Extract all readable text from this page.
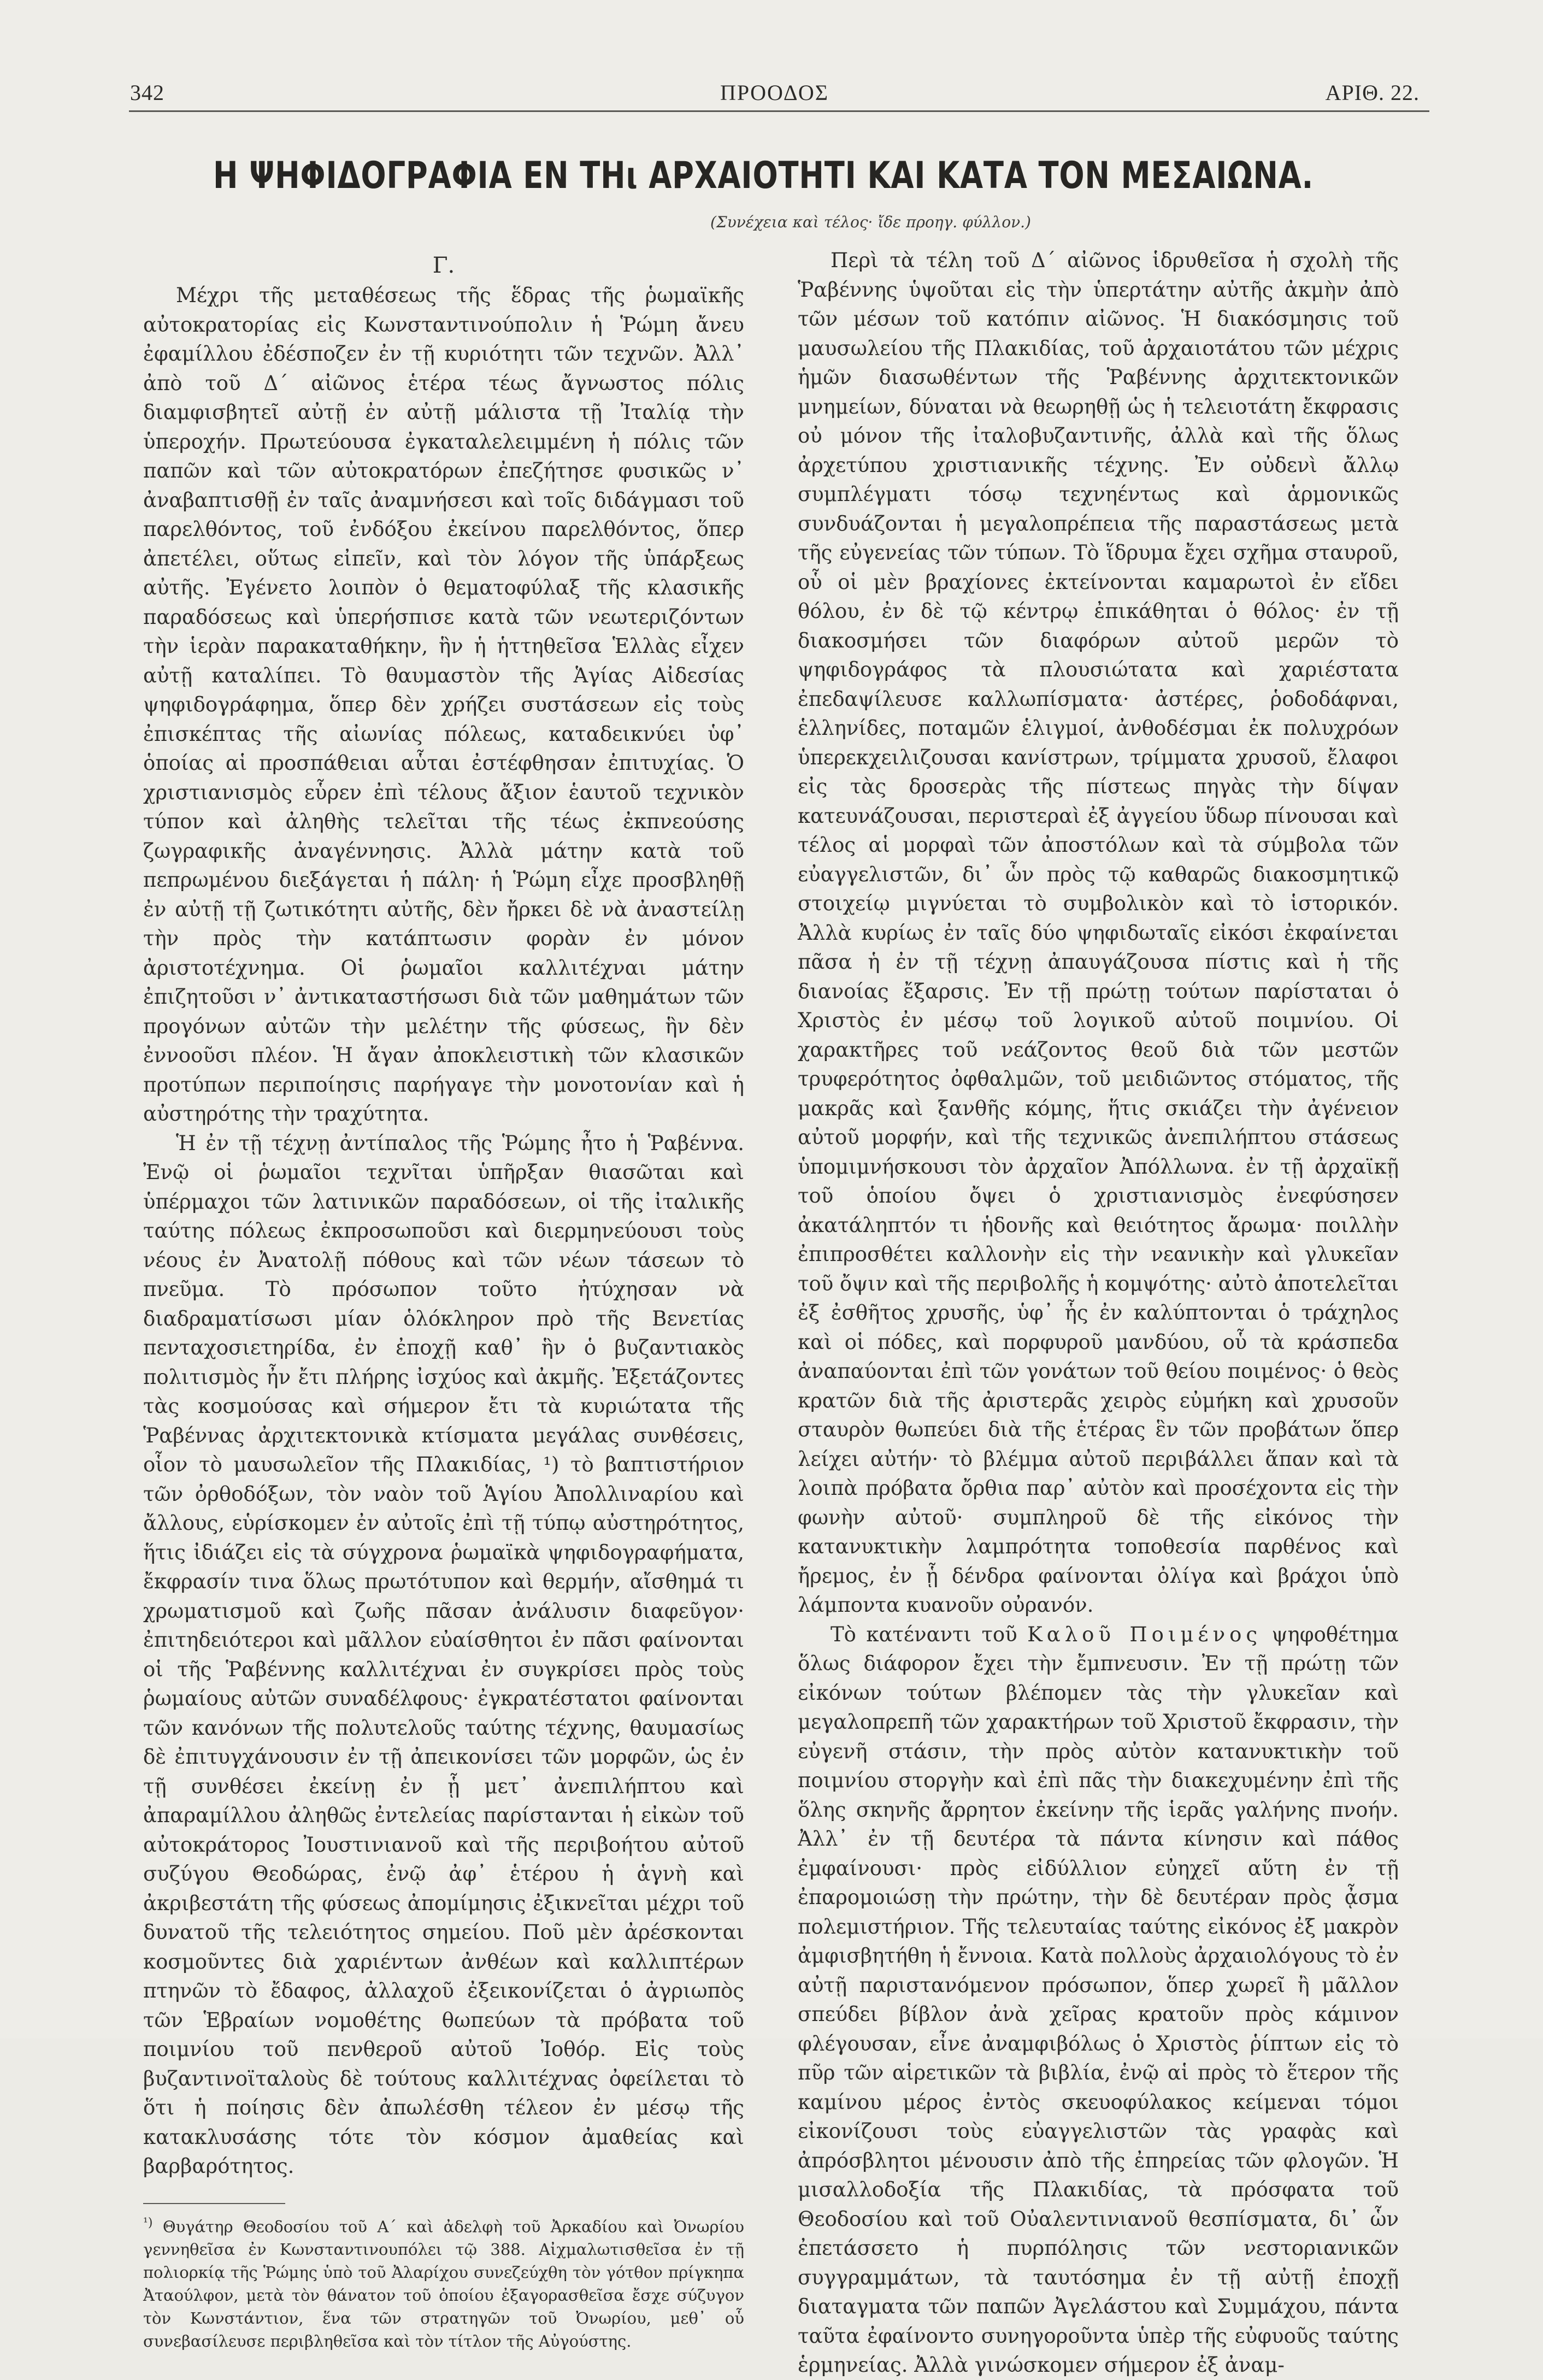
342	ΠΡΟΟΔΟΣ	ΑΡΙΘ. 22.
Η ΨΗΦΙΔΟΓΡΑΦΙΑ ΕΝ ΤΗι ΑΡΧΑΙΟΤΗΤΙ ΚΑΙ ΚΑΤΑ ΤΟΝ ΜΕΣΑΙΩΝΑ.
(Συνέχεια καὶ τέλος· ἴδε προηγ. φύλλον.)
Γ.

Μέχρι τῆς μεταθέσεως τῆς ἕδρας τῆς ῥωμαϊκῆς αὐτοκρατορίας εἰς Κωνσταντινούπολιν ἡ Ῥώμη ἄνευ ἐφαμίλλου ἐδέσποζεν ἐν τῇ κυριότητι τῶν τεχνῶν. Ἀλλ᾽ ἀπὸ τοῦ Δ΄ αἰῶνος ἑτέρα τέως ἄγνωστος πόλις διαμφισβητεῖ αὐτῇ ἐν αὐτῇ μάλιστα τῇ Ἰταλίᾳ τὴν ὑπεροχήν. Πρωτεύουσα ἐγκαταλελειμμένη ἡ πόλις τῶν παπῶν καὶ τῶν αὐτοκρατόρων ἐπεζήτησε φυσικῶς ν᾽ ἀναβαπτισθῇ ἐν ταῖς ἀναμνήσεσι καὶ τοῖς διδάγμασι τοῦ παρελθόντος, τοῦ ἐνδόξου ἐκείνου παρελθόντος, ὅπερ ἀπετέλει, οὕτως εἰπεῖν, καὶ τὸν λόγον τῆς ὑπάρξεως αὐτῆς. Ἐγένετο λοιπὸν ὁ θεματοφύλαξ τῆς κλασικῆς παραδόσεως καὶ ὑπερήσπισε κατὰ τῶν νεωτεριζόντων τὴν ἱερὰν παρακαταθήκην, ἣν ἡ ἡττηθεῖσα Ἑλλὰς εἶχεν αὐτῇ καταλίπει. Τὸ θαυμαστὸν τῆς Ἁγίας Αἰδεσίας ψηφιδογράφημα, ὅπερ δὲν χρήζει συστάσεων εἰς τοὺς ἐπισκέπτας τῆς αἰωνίας πόλεως, καταδεικνύει ὑφ᾽ ὁποίας αἱ προσπάθειαι αὗται ἐστέφθησαν ἐπιτυχίας. Ὁ χριστιανισμὸς εὗρεν ἐπὶ τέλους ἄξιον ἑαυτοῦ τεχνικὸν τύπον καὶ ἀληθὴς τελεῖται τῆς τέως ἐκπνεούσης ζωγραφικῆς ἀναγέννησις. Ἀλλὰ μάτην κατὰ τοῦ πεπρωμένου διεξάγεται ἡ πάλη· ἡ Ῥώμη εἶχε προσβληθῇ ἐν αὐτῇ τῇ ζωτικότητι αὐτῆς, δὲν ἤρκει δὲ νὰ ἀναστείλῃ τὴν πρὸς τὴν κατάπτωσιν φορὰν ἐν μόνον ἀριστοτέχνημα. Οἱ ῥωμαῖοι καλλιτέχναι μάτην ἐπιζητοῦσι ν᾽ ἀντικαταστήσωσι διὰ τῶν μαθημάτων τῶν προγόνων αὐτῶν τὴν μελέτην τῆς φύσεως, ἣν δὲν ἐννοοῦσι πλέον. Ἡ ἄγαν ἀποκλειστικὴ τῶν κλασικῶν προτύπων περιποίησις παρήγαγε τὴν μονοτονίαν καὶ ἡ αὐστηρότης τὴν τραχύτητα.

Ἡ ἐν τῇ τέχνῃ ἀντίπαλος τῆς Ῥώμης ἦτο ἡ Ῥαβέννα. Ἐνῷ οἱ ῥωμαῖοι τεχνῖται ὑπῆρξαν θιασῶται καὶ ὑπέρμαχοι τῶν λατινικῶν παραδόσεων, οἱ τῆς ἰταλικῆς ταύτης πόλεως ἐκπροσωποῦσι καὶ διερμηνεύουσι τοὺς νέους ἐν Ἀνατολῇ πόθους καὶ τῶν νέων τάσεων τὸ πνεῦμα. Τὸ πρόσωπον τοῦτο ἠτύχησαν νὰ διαδραματίσωσι μίαν ὁλόκληρον πρὸ τῆς Βενετίας πενταχοσιετηρίδα, ἐν ἐποχῇ καθ᾽ ἣν ὁ βυζαντιακὸς πολιτισμὸς ἦν ἔτι πλήρης ἰσχύος καὶ ἀκμῆς. Ἐξετάζοντες τὰς κοσμούσας καὶ σήμερον ἔτι τὰ κυριώτατα τῆς Ῥαβέννας ἀρχιτεκτονικὰ κτίσματα μεγάλας συνθέσεις, οἷον τὸ μαυσωλεῖον τῆς Πλακιδίας, ¹) τὸ βαπτιστήριον τῶν ὀρθοδόξων, τὸν ναὸν τοῦ Ἁγίου Ἀπολλιναρίου καὶ ἄλλους, εὑρίσκομεν ἐν αὐτοῖς ἐπὶ τῇ τύπῳ αὐστηρότητος, ἥτις ἰδιάζει εἰς τὰ σύγχρονα ῥωμαϊκὰ ψηφιδογραφήματα, ἔκφρασίν τινα ὅλως πρωτότυπον καὶ θερμήν, αἴσθημά τι χρωματισμοῦ καὶ ζωῆς πᾶσαν ἀνάλυσιν διαφεῦγον· ἐπιτηδειότεροι καὶ μᾶλλον εὐαίσθητοι ἐν πᾶσι φαίνονται οἱ τῆς Ῥαβέννης καλλιτέχναι ἐν συγκρίσει πρὸς τοὺς ῥωμαίους αὐτῶν συναδέλφους· ἐγκρατέστατοι φαίνονται τῶν κανόνων τῆς πολυτελοῦς ταύτης τέχνης, θαυμασίως δὲ ἐπιτυγχάνουσιν ἐν τῇ ἀπεικονίσει τῶν μορφῶν, ὡς ἐν τῇ συνθέσει ἐκείνῃ ἐν ᾗ μετ᾽ ἀνεπιλήπτου καὶ ἀπαραμίλλου ἀληθῶς ἐντελείας παρίστανται ἡ εἰκὼν τοῦ αὐτοκράτορος Ἰουστινιανοῦ καὶ τῆς περιβοήτου αὐτοῦ συζύγου Θεοδώρας, ἐνῷ ἀφ᾽ ἑτέρου ἡ ἁγνὴ καὶ ἀκριβεστάτη τῆς φύσεως ἀπομίμησις ἐξικνεῖται μέχρι τοῦ δυνατοῦ τῆς τελειότητος σημείου. Ποῦ μὲν ἀρέσκονται κοσμοῦντες διὰ χαριέντων ἀνθέων καὶ καλλιπτέρων πτηνῶν τὸ ἔδαφος, ἀλλαχοῦ ἐξεικονίζεται ὁ ἀγριωπὸς τῶν Ἑβραίων νομοθέτης θωπεύων τὰ πρόβατα τοῦ ποιμνίου τοῦ πενθεροῦ αὐτοῦ Ἰοθόρ. Εἰς τοὺς βυζαντινοϊταλοὺς δὲ τούτους καλλιτέχνας ὀφείλεται τὸ ὅτι ἡ ποίησις δὲν ἀπωλέσθη τέλεον ἐν μέσῳ τῆς κατακλυσάσης τότε τὸν κόσμον ἀμαθείας καὶ βαρβαρότητος.

$^{^1)}$ Θυγάτηρ Θεοδοσίου τοῦ Α΄ καὶ ἀδελφὴ τοῦ Ἀρκαδίου καὶ Ὀνωρίου γεννηθεῖσα ἐν Κωνσταντινουπόλει τῷ 388. Αἰχμαλωτισθεῖσα ἐν τῇ πολιορκίᾳ τῆς Ῥώμης ὑπὸ τοῦ Ἀλαρίχου συνεζεύχθη τὸν γότθον πρίγκηπα Ἀταούλφον, μετὰ τὸν θάνατον τοῦ ὁποίου ἐξαγορασθεῖσα ἔσχε σύζυγον τὸν Κωνστάντιον, ἕνα τῶν στρατηγῶν τοῦ Ὀνωρίου, μεθ᾽ οὗ συνεβασίλευσε περιβληθεῖσα καὶ τὸν τίτλον τῆς Αὐγούστης.

Περὶ τὰ τέλη τοῦ Δ΄ αἰῶνος ἱδρυθεῖσα ἡ σχολὴ τῆς Ῥαβέννης ὑψοῦται εἰς τὴν ὑπερτάτην αὐτῆς ἀκμὴν ἀπὸ τῶν μέσων τοῦ κατόπιν αἰῶνος. Ἡ διακόσμησις τοῦ μαυσωλείου τῆς Πλακιδίας, τοῦ ἀρχαιοτάτου τῶν μέχρις ἡμῶν διασωθέντων τῆς Ῥαβέννης ἀρχιτεκτονικῶν μνημείων, δύναται νὰ θεωρηθῇ ὡς ἡ τελειοτάτη ἔκφρασις οὐ μόνον τῆς ἰταλοβυζαντινῆς, ἀλλὰ καὶ τῆς ὅλως ἀρχετύπου χριστιανικῆς τέχνης. Ἐν οὐδενὶ ἄλλῳ συμπλέγματι τόσῳ τεχνηέντως καὶ ἁρμονικῶς συνδυάζονται ἡ μεγαλοπρέπεια τῆς παραστάσεως μετὰ τῆς εὐγενείας τῶν τύπων. Τὸ ἵδρυμα ἔχει σχῆμα σταυροῦ, οὗ οἱ μὲν βραχίονες ἐκτείνονται καμαρωτοὶ ἐν εἴδει θόλου, ἐν δὲ τῷ κέντρῳ ἐπικάθηται ὁ θόλος· ἐν τῇ διακοσμήσει τῶν διαφόρων αὐτοῦ μερῶν τὸ ψηφιδογράφος τὰ πλουσιώτατα καὶ χαριέστατα ἐπεδαψίλευσε καλλωπίσματα· ἀστέρες, ῥοδοδάφναι, ἑλληνίδες, ποταμῶν ἑλιγμοί, ἀνθοδέσμαι ἐκ πολυχρόων ὑπερεκχειλιζουσαι κανίστρων, τρίμματα χρυσοῦ, ἔλαφοι εἰς τὰς δροσερὰς τῆς πίστεως πηγὰς τὴν δίψαν κατευνάζουσαι, περιστεραὶ ἐξ ἀγγείου ὕδωρ πίνουσαι καὶ τέλος αἱ μορφαὶ τῶν ἀποστόλων καὶ τὰ σύμβολα τῶν εὐαγγελιστῶν, δι᾽ ὧν πρὸς τῷ καθαρῶς διακοσμητικῷ στοιχείῳ μιγνύεται τὸ συμβολικὸν καὶ τὸ ἱστορικόν. Ἀλλὰ κυρίως ἐν ταῖς δύο ψηφιδωταῖς εἰκόσι ἐκφαίνεται πᾶσα ἡ ἐν τῇ τέχνῃ ἀπαυγάζουσα πίστις καὶ ἡ τῆς διανοίας ἔξαρσις. Ἐν τῇ πρώτῃ τούτων παρίσταται ὁ Χριστὸς ἐν μέσῳ τοῦ λογικοῦ αὐτοῦ ποιμνίου. Οἱ χαρακτῆρες τοῦ νεάζοντος θεοῦ διὰ τῶν μεστῶν τρυφερότητος ὀφθαλμῶν, τοῦ μειδιῶντος στόματος, τῆς μακρᾶς καὶ ξανθῆς κόμης, ἥτις σκιάζει τὴν ἀγένειον αὐτοῦ μορφήν, καὶ τῆς τεχνικῶς ἀνεπιλήπτου στάσεως ὑπομιμνήσκουσι τὸν ἀρχαῖον Ἀπόλλωνα. ἐν τῇ ἀρχαϊκῇ τοῦ ὁποίου ὄψει ὁ χριστιανισμὸς ἐνεφύσησεν ἀκατάληπτόν τι ἡδονῆς καὶ θειότητος ἄρωμα· ποιλλὴν ἐπιπροσθέτει καλλονὴν εἰς τὴν νεανικὴν καὶ γλυκεῖαν τοῦ ὄψιν καὶ τῆς περιβολῆς ἡ κομψότης· αὐτὸ ἀποτελεῖται ἐξ ἐσθῆτος χρυσῆς, ὑφ᾽ ἧς ἐν καλύπτονται ὁ τράχηλος καὶ οἱ πόδες, καὶ πορφυροῦ μανδύου, οὗ τὰ κράσπεδα ἀναπαύονται ἐπὶ τῶν γονάτων τοῦ θείου ποιμένος· ὁ θεὸς κρατῶν διὰ τῆς ἀριστερᾶς χειρὸς εὐμήκη καὶ χρυσοῦν σταυρὸν θωπεύει διὰ τῆς ἑτέρας ἓν τῶν προβάτων ὅπερ λείχει αὐτήν· τὸ βλέμμα αὐτοῦ περιβάλλει ἅπαν καὶ τὰ λοιπὰ πρόβατα ὄρθια παρ᾽ αὐτὸν καὶ προσέχοντα εἰς τὴν φωνὴν αὐτοῦ· συμπληροῦ δὲ τῆς εἰκόνος τὴν κατανυκτικὴν λαμπρότητα τοποθεσία παρθένος καὶ ἤρεμος, ἐν ᾗ δένδρα φαίνονται ὀλίγα καὶ βράχοι ὑπὸ λάμποντα κυανοῦν οὐρανόν.

Τὸ κατέναντι τοῦ Καλοῦ Ποιμένος ψηφοθέτημα ὅλως διάφορον ἔχει τὴν ἔμπνευσιν. Ἐν τῇ πρώτῃ τῶν εἰκόνων τούτων βλέπομεν τὰς τὴν γλυκεῖαν καὶ μεγαλοπρεπῆ τῶν χαρακτήρων τοῦ Χριστοῦ ἔκφρασιν, τὴν εὐγενῆ στάσιν, τὴν πρὸς αὐτὸν κατανυκτικὴν τοῦ ποιμνίου στοργὴν καὶ ἐπὶ πᾶς τὴν διακεχυμένην ἐπὶ τῆς ὅλης σκηνῆς ἄρρητον ἐκείνην τῆς ἱερᾶς γαλήνης πνοήν. Ἀλλ᾽ ἐν τῇ δευτέρα τὰ πάντα κίνησιν καὶ πάθος ἐμφαίνουσι· πρὸς εἰδύλλιον εὐηχεῖ αὕτη ἐν τῇ ἐπαρομοιώσῃ τὴν πρώτην, τὴν δὲ δευτέραν πρὸς ᾆσμα πολεμιστήριον. Τῆς τελευταίας ταύτης εἰκόνος ἐξ μακρὸν ἀμφισβητήθη ἡ ἔννοια. Κατὰ πολλοὺς ἀρχαιολόγους τὸ ἐν αὐτῇ παριστανόμενον πρόσωπον, ὅπερ χωρεῖ ἢ μᾶλλον σπεύδει βίβλον ἀνὰ χεῖρας κρατοῦν πρὸς κάμινον φλέγουσαν, εἶνε ἀναμφιβόλως ὁ Χριστὸς ῥίπτων εἰς τὸ πῦρ τῶν αἱρετικῶν τὰ βιβλία, ἐνῷ αἱ πρὸς τὸ ἕτερον τῆς καμίνου μέρος ἐντὸς σκευοφύλακος κείμεναι τόμοι εἰκονίζουσι τοὺς εὐαγγελιστῶν τὰς γραφὰς καὶ ἀπρόσβλητοι μένουσιν ἀπὸ τῆς ἐπηρείας τῶν φλογῶν. Ἡ μισαλλοδοξία τῆς Πλακιδίας, τὰ πρόσφατα τοῦ Θεοδοσίου καὶ τοῦ Οὐαλεντινιανοῦ θεσπίσματα, δι᾽ ὧν ἐπετάσσετο ἡ πυρπόλησις τῶν νεστοριανικῶν συγγραμμάτων, τὰ ταυτόσημα ἐν τῇ αὐτῇ ἐποχῇ διαταγματα τῶν παπῶν Ἀγελάστου καὶ Συμμάχου, πάντα ταῦτα ἐφαίνοντο συνηγοροῦντα ὑπὲρ τῆς εὐφυοῦς ταύτης ἑρμηνείας. Ἀλλὰ γινώσκομεν σήμερον ἐξ ἀναμ-
